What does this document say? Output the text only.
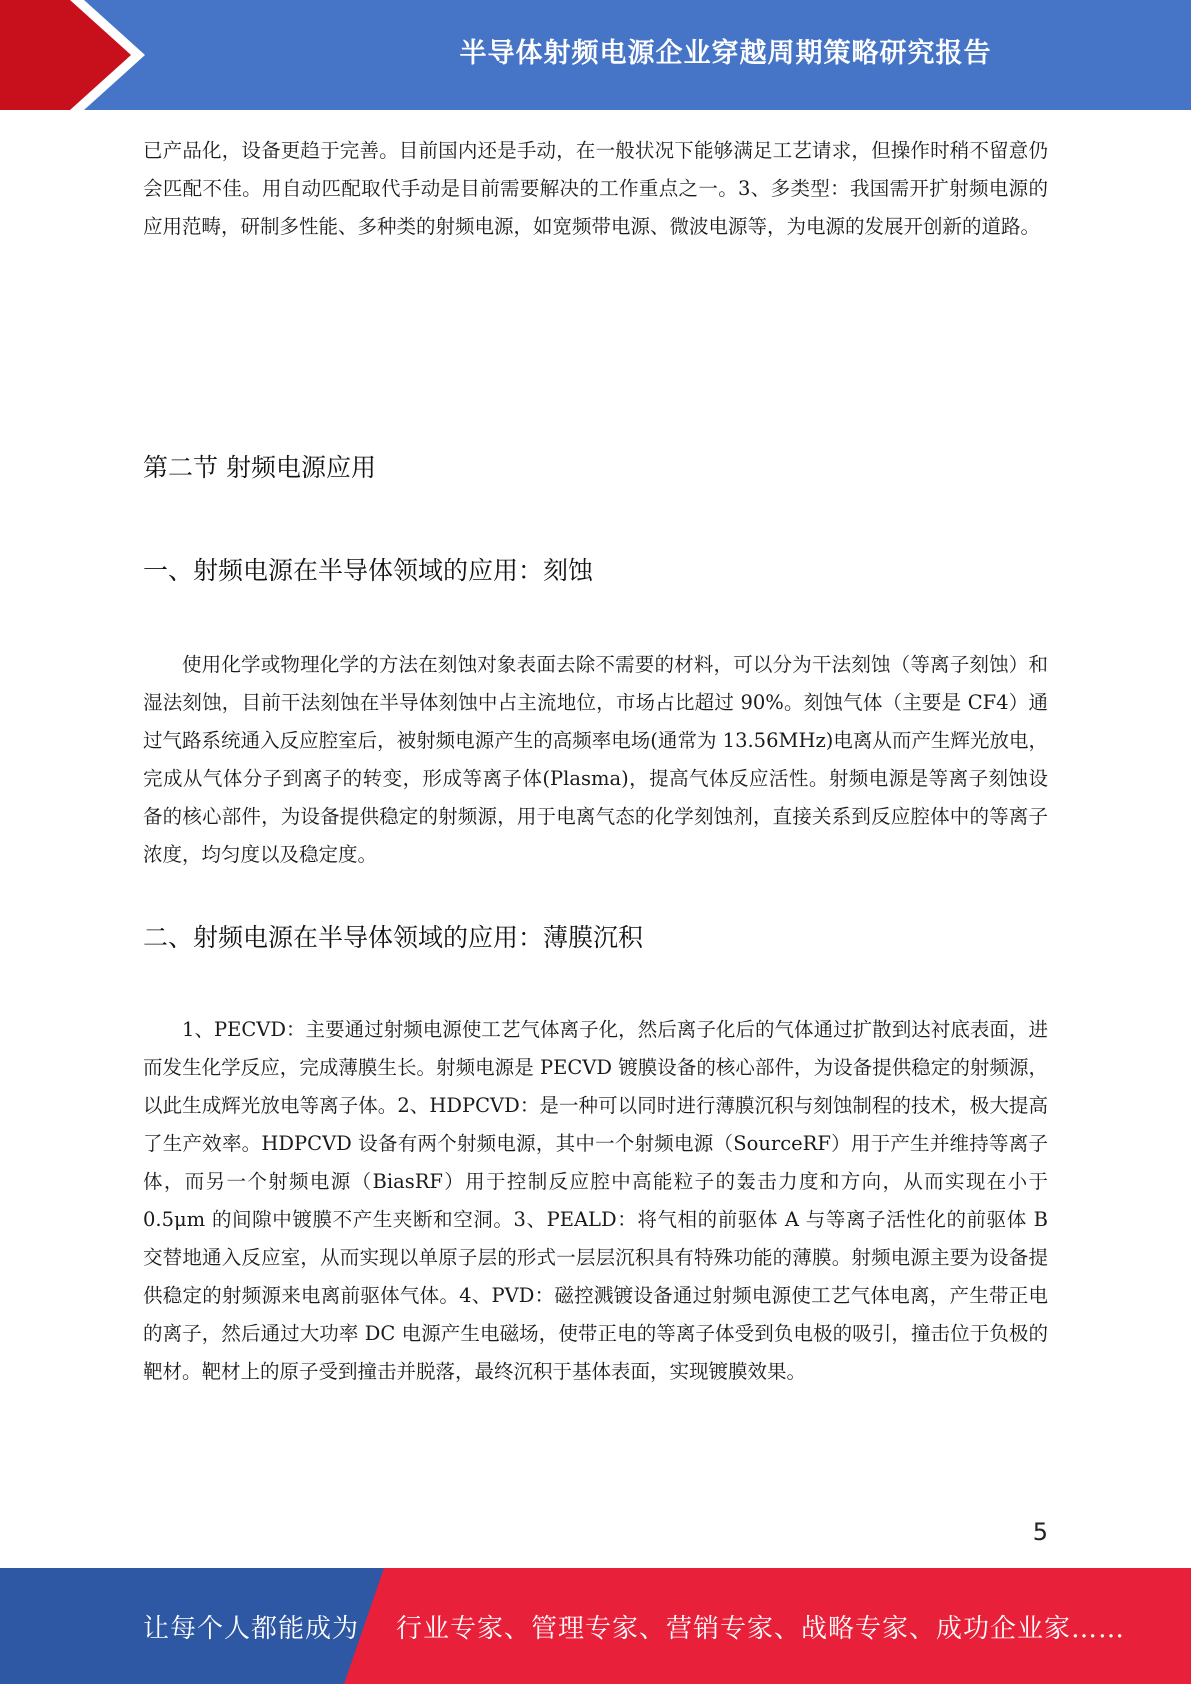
半导体射频电源企业穿越周期策略研究报告

已产品化，设备更趋于完善。目前国内还是手动，在一般状况下能够满足工艺请求，但操作时稍不留意仍会匹配不佳。用自动匹配取代手动是目前需要解决的工作重点之一。3、多类型：我国需开扩射频电源的应用范畴，研制多性能、多种类的射频电源，如宽频带电源、微波电源等，为电源的发展开创新的道路。

第二节 射频电源应用
一、射频电源在半导体领域的应用：刻蚀

使用化学或物理化学的方法在刻蚀对象表面去除不需要的材料，可以分为干法刻蚀（等离子刻蚀）和湿法刻蚀，目前干法刻蚀在半导体刻蚀中占主流地位，市场占比超过 90%。刻蚀气体（主要是 CF4）通过气路系统通入反应腔室后，被射频电源产生的高频率电场(通常为 13.56MHz)电离从而产生辉光放电，完成从气体分子到离子的转变，形成等离子体(Plasma)，提高气体反应活性。射频电源是等离子刻蚀设备的核心部件，为设备提供稳定的射频源，用于电离气态的化学刻蚀剂，直接关系到反应腔体中的等离子浓度，均匀度以及稳定度。

二、射频电源在半导体领域的应用：薄膜沉积

1、PECVD：主要通过射频电源使工艺气体离子化，然后离子化后的气体通过扩散到达衬底表面，进而发生化学反应，完成薄膜生长。射频电源是 PECVD 镀膜设备的核心部件，为设备提供稳定的射频源，以此生成辉光放电等离子体。2、HDPCVD：是一种可以同时进行薄膜沉积与刻蚀制程的技术，极大提高了生产效率。HDPCVD 设备有两个射频电源，其中一个射频电源（SourceRF）用于产生并维持等离子体，而另一个射频电源（BiasRF）用于控制反应腔中高能粒子的轰击力度和方向，从而实现在小于 0.5μm 的间隙中镀膜不产生夹断和空洞。3、PEALD：将气相的前驱体 A 与等离子活性化的前驱体 B 交替地通入反应室，从而实现以单原子层的形式一层层沉积具有特殊功能的薄膜。射频电源主要为设备提供稳定的射频源来电离前驱体气体。4、PVD：磁控溅镀设备通过射频电源使工艺气体电离，产生带正电的离子，然后通过大功率 DC 电源产生电磁场，使带正电的等离子体受到负电极的吸引，撞击位于负极的靶材。靶材上的原子受到撞击并脱落，最终沉积于基体表面，实现镀膜效果。

5
让每个人都能成为 行业专家、管理专家、营销专家、战略专家、成功企业家……
